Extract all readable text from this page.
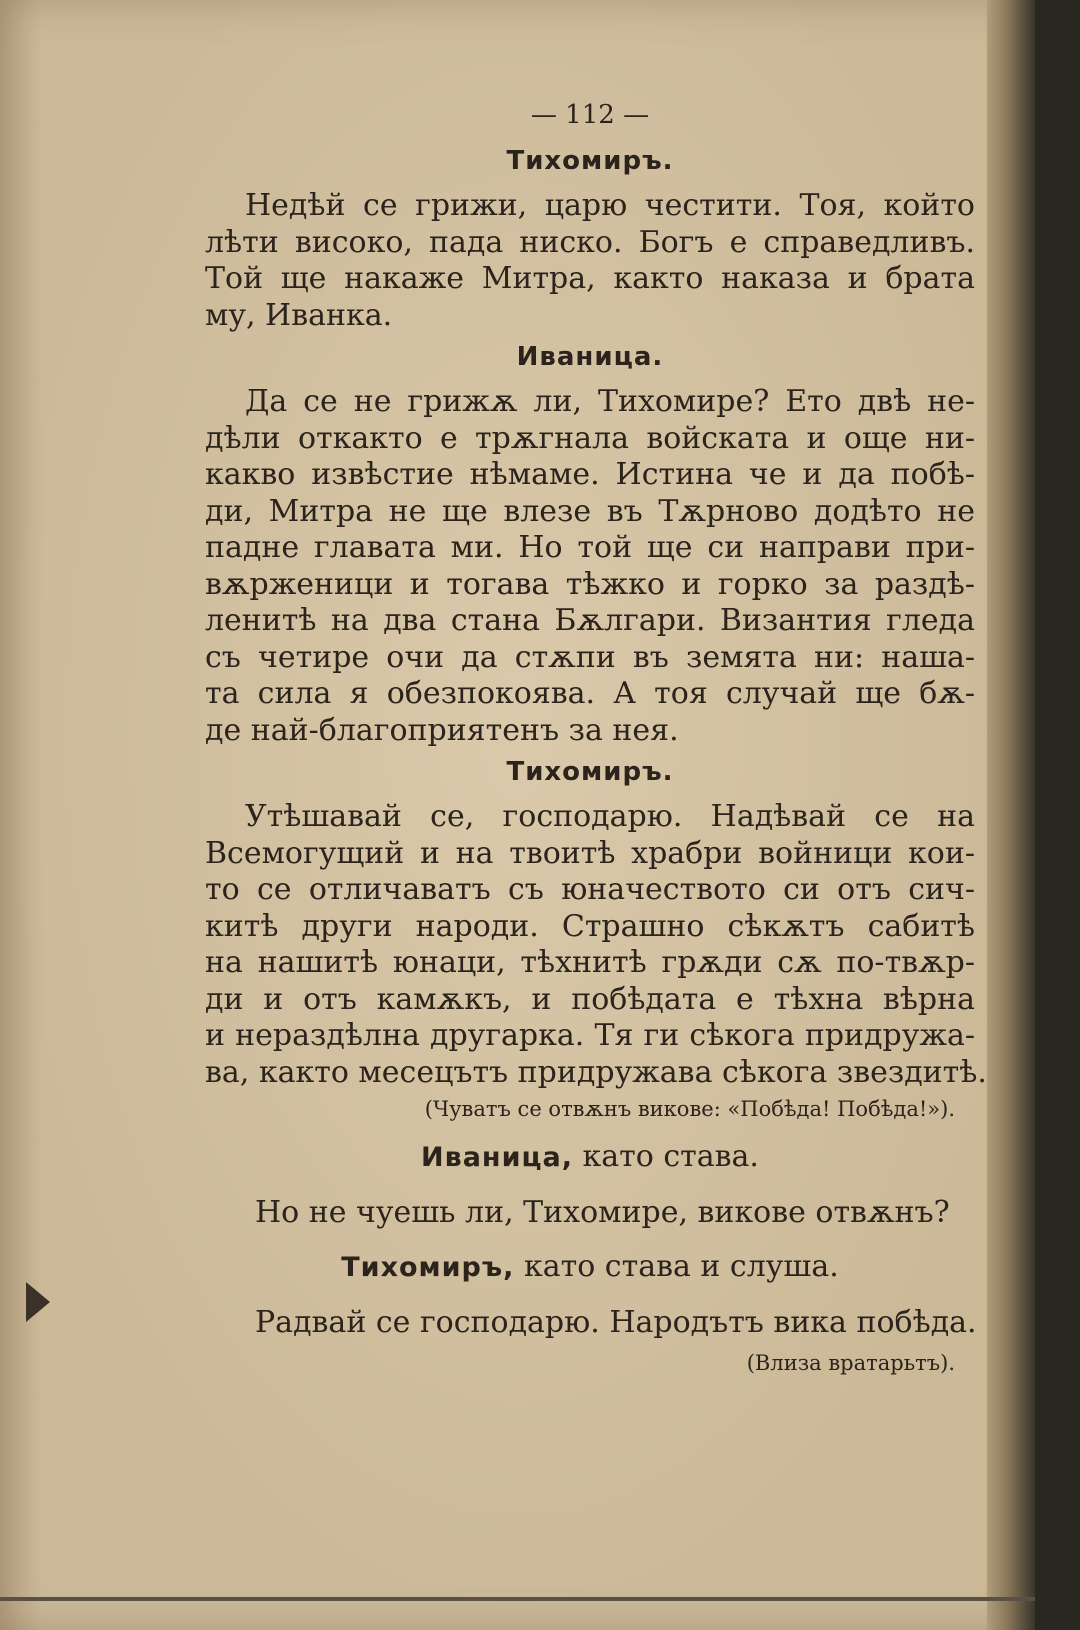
— 112 —
Тихомиръ.
Недѣй се грижи, царю честити. Тоя, който
лѣти високо, пада ниско. Богъ е справедливъ.
Той ще накаже Митра, както наказа и брата
му, Иванка.
Иваница.
Да се не грижѫ ли, Тихомире? Ето двѣ не-
дѣли откакто е трѫгнала войската и още ни-
какво извѣстие нѣмаме. Истина че и да побѣ-
ди, Митра не ще влезе въ Тѫрново додѣто не
падне главата ми. Но той ще си направи при-
вѫрженици и тогава тѣжко и горко за раздѣ-
ленитѣ на два стана Бѫлгари. Византия гледа
съ четире очи да стѫпи въ земята ни: наша-
та сила я обезпокоява. А тоя случай ще бѫ-
де най-благоприятенъ за нея.
Тихомиръ.
Утѣшавай се, господарю. Надѣвай се на
Всемогущий и на твоитѣ храбри войници кои-
то се отличаватъ съ юначеството си отъ сич-
китѣ други народи. Страшно сѣкѫтъ сабитѣ
на нашитѣ юнаци, тѣхнитѣ грѫди сѫ по-твѫр-
ди и отъ камѫкъ, и побѣдата е тѣхна вѣрна
и нераздѣлна другарка. Тя ги сѣкога придружа-
ва, както месецътъ придружава сѣкога звездитѣ.
(Чуватъ се отвѫнъ викове: «Побѣда! Побѣда!»).
Иваница, като става.
Но не чуешь ли, Тихомире, викове отвѫнъ?
Тихомиръ, като става и слуша.
Радвай се господарю. Народътъ вика побѣда.
(Влиза вратарьтъ).
